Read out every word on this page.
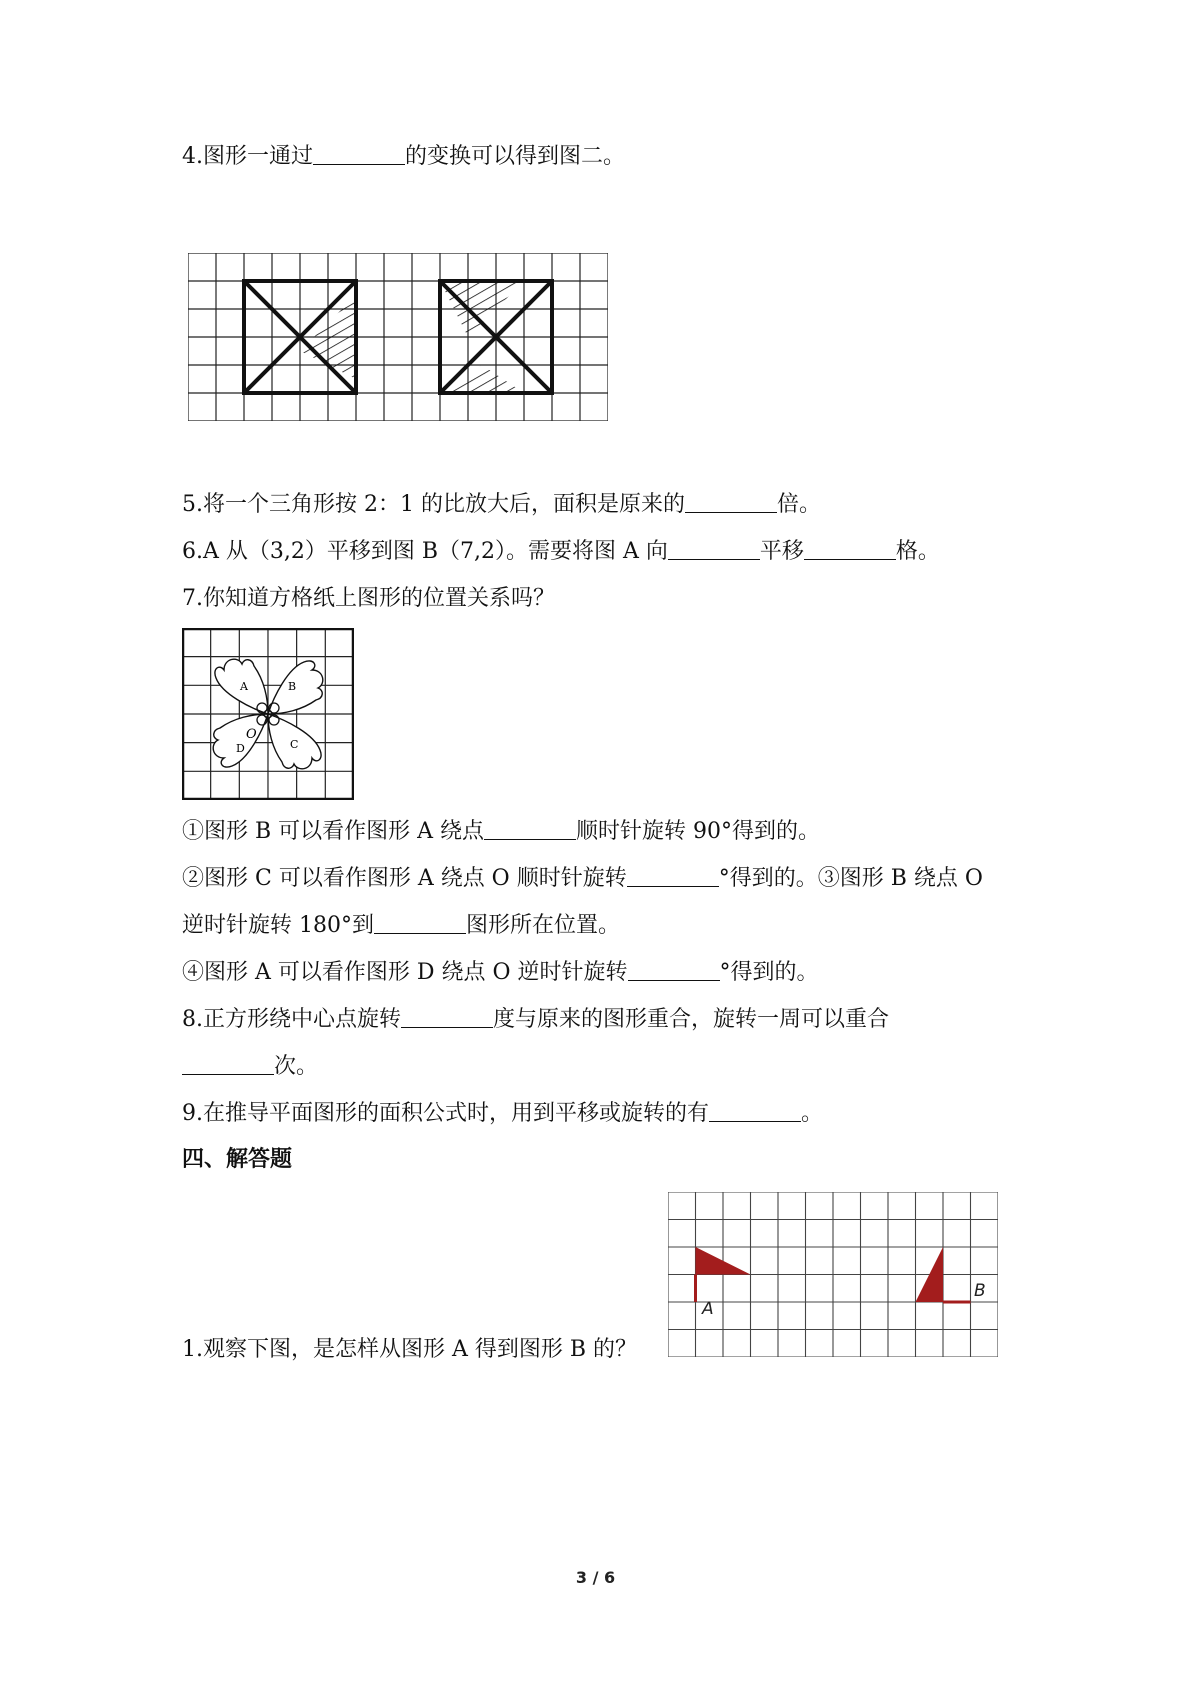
4.图形一通过	的变换可以得到图二。
5.将一个三角形按 2：1 的比放大后，面积是原来的	倍。
6.A 从（3,2）平移到图 B（7,2）。需要将图 A 向	平移	格。
7.你知道方格纸上图形的位置关系吗？
A	B
C
D
O
①图形 B 可以看作图形 A 绕点	顺时针旋转 90°得到的。
②图形 C 可以看作图形 A 绕点 O 顺时针旋转	°得到的。③图形 B 绕点 O
逆时针旋转 180°到	图形所在位置。
④图形 A 可以看作图形 D 绕点 O 逆时针旋转	°得到的。
8.正方形绕中心点旋转	度与原来的图形重合，旋转一周可以重合
次。
9.在推导平面图形的面积公式时，用到平移或旋转的有	。
四、解答题
A
B
1.观察下图，是怎样从图形 A 得到图形 B 的？
3 / 6
